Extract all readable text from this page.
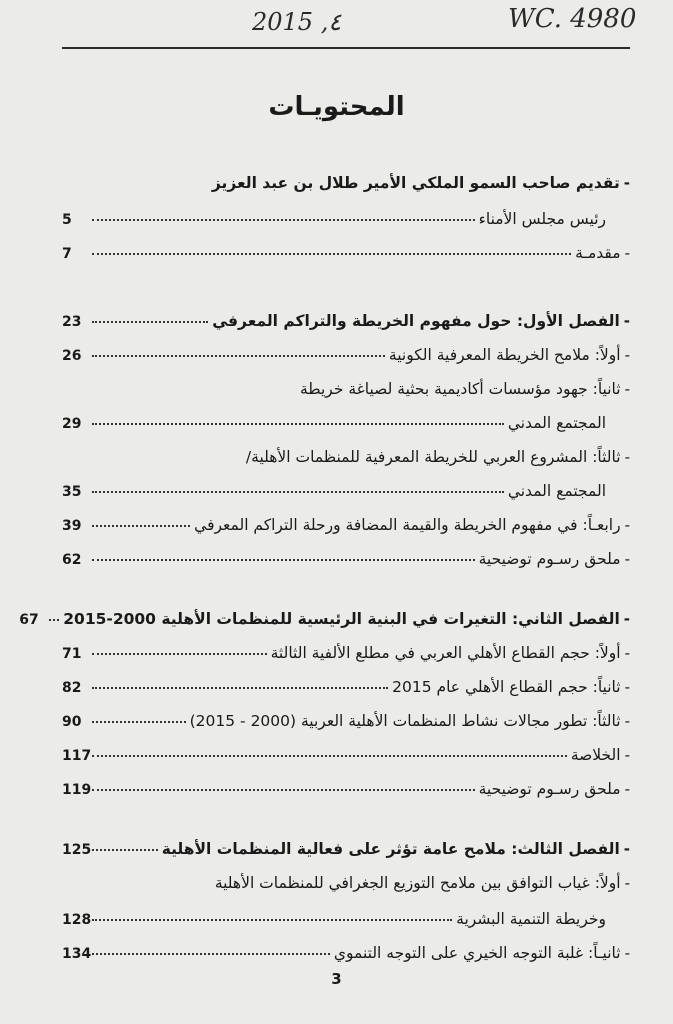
2015 ,٤	WC. 4980
المحتويـات
-
تقديم صاحب السمو الملكي الأمير طلال بن عبد العزيز
رئيس مجلس الأمناء
5
-
مقدمـة
7
-
الفصل الأول: حول مفهوم الخريطة والتراكم المعرفي
23
-
أولاً: ملامح الخريطة المعرفية الكونية
26
-
ثانياً: جهود مؤسسات أكاديمية بحثية لصياغة خريطة
المجتمع المدني
29
-
ثالثاً: المشروع العربي للخريطة المعرفية للمنظمات الأهلية/
المجتمع المدني
35
-
رابعـاً: في مفهوم الخريطة والقيمة المضافة ورحلة التراكم المعرفي
39
-
ملحق رسـوم توضيحية
62
-
الفصل الثاني: التغيرات في البنية الرئيسية للمنظمات الأهلية 2000-2015
67
-
أولاً: حجم القطاع الأهلي العربي في مطلع الألفية الثالثة
71
-
ثانياً: حجم القطاع الأهلي عام 2015
82
-
ثالثاً: تطور مجالات نشاط المنظمات الأهلية العربية (2000 - 2015)
90
-
الخلاصة
117
-
ملحق رسـوم توضيحية
119
-
الفصل الثالث: ملامح عامة تؤثر على فعالية المنظمات الأهلية
125
-
أولاً: غياب التوافق بين ملامح التوزيع الجغرافي للمنظمات الأهلية
وخريطة التنمية البشرية
128
-
ثانيـاً: غلبة التوجه الخيري على التوجه التنموي
134
3
